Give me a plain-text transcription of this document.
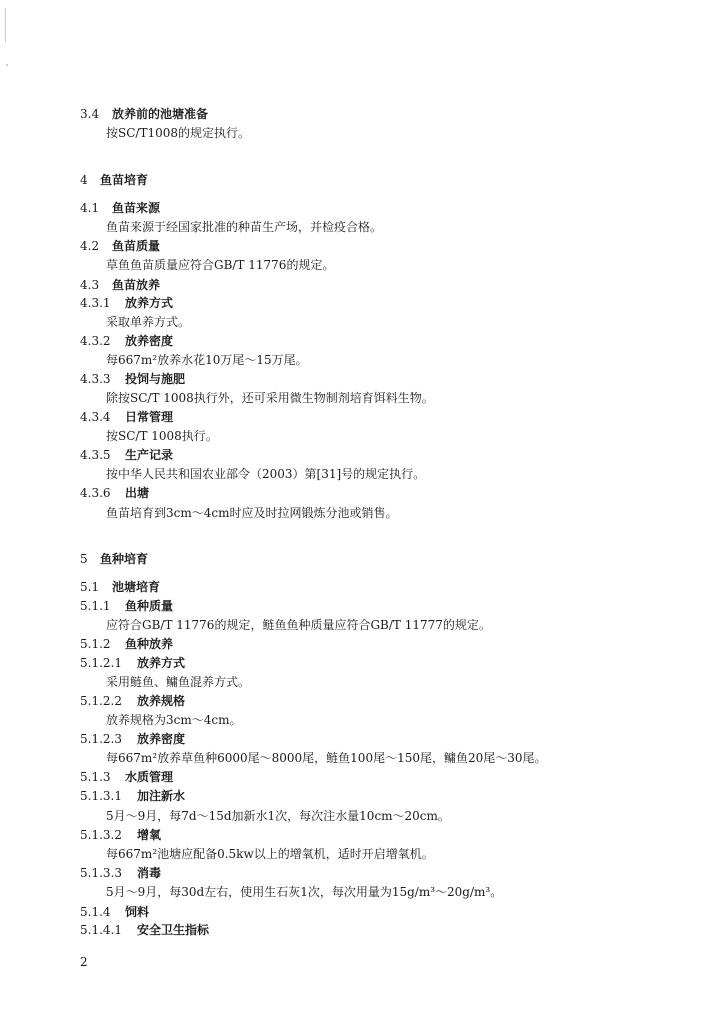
3.4 放养前的池塘准备
按SC/T1008的规定执行。
4 鱼苗培育
4.1 鱼苗来源
鱼苗来源于经国家批准的种苗生产场，并检疫合格。
4.2 鱼苗质量
草鱼鱼苗质量应符合GB/T 11776的规定。
4.3 鱼苗放养
4.3.1 放养方式
采取单养方式。
4.3.2 放养密度
每667m²放养水花10万尾～15万尾。
4.3.3 投饲与施肥
除按SC/T 1008执行外，还可采用微生物制剂培育饵料生物。
4.3.4 日常管理
按SC/T 1008执行。
4.3.5 生产记录
按中华人民共和国农业部令（2003）第[31]号的规定执行。
4.3.6 出塘
鱼苗培育到3cm～4cm时应及时拉网锻炼分池或销售。
5 鱼种培育
5.1 池塘培育
5.1.1 鱼种质量
应符合GB/T 11776的规定，鲢鱼鱼种质量应符合GB/T 11777的规定。
5.1.2 鱼种放养
5.1.2.1 放养方式
采用鲢鱼、鳙鱼混养方式。
5.1.2.2 放养规格
放养规格为3cm～4cm。
5.1.2.3 放养密度
每667m²放养草鱼种6000尾～8000尾，鲢鱼100尾～150尾，鳙鱼20尾～30尾。
5.1.3 水质管理
5.1.3.1 加注新水
5月～9月，每7d～15d加新水1次，每次注水量10cm～20cm。
5.1.3.2 增氧
每667m²池塘应配备0.5kw以上的增氧机，适时开启增氧机。
5.1.3.3 消毒
5月～9月，每30d左右，使用生石灰1次，每次用量为15g/m³～20g/m³。
5.1.4 饲料
5.1.4.1 安全卫生指标
2
